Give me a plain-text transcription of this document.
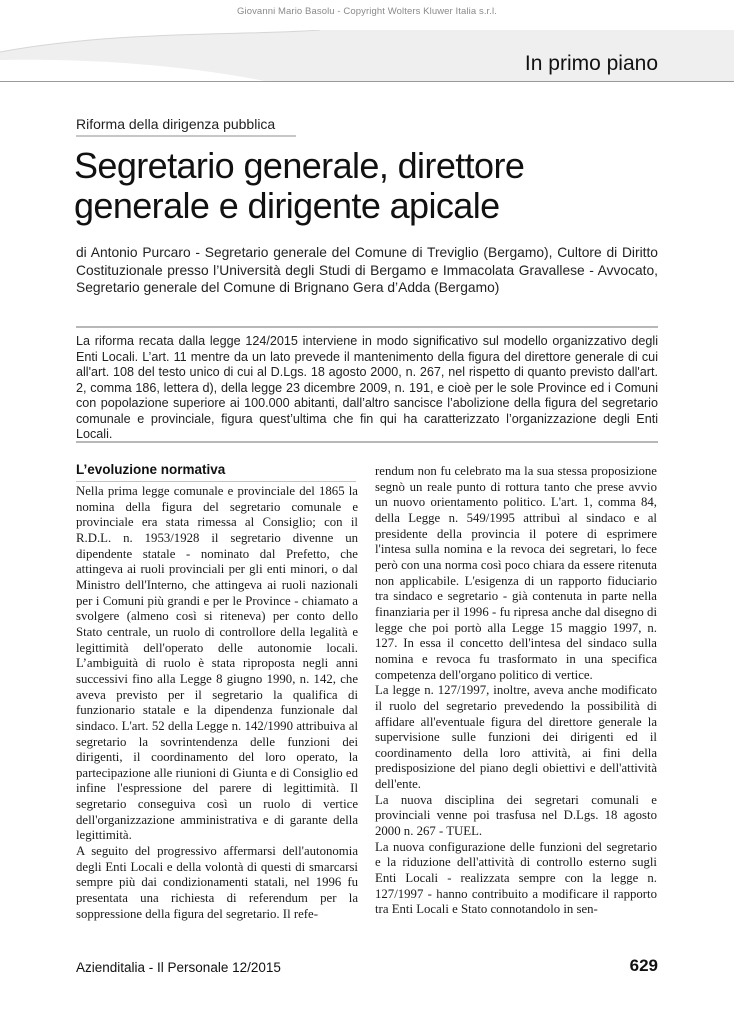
Giovanni Mario Basolu - Copyright Wolters Kluwer Italia s.r.l.
In primo piano
Riforma della dirigenza pubblica
Segretario generale, direttore
generale e dirigente apicale
di Antonio Purcaro - Segretario generale del Comune di Treviglio (Bergamo), Cultore di Diritto Costituzionale presso l’Università degli Studi di Bergamo e Immacolata Gravallese - Avvocato, Segretario generale del Comune di Brignano Gera d’Adda (Bergamo)
La riforma recata dalla legge 124/2015 interviene in modo significativo sul modello organizzativo degli Enti Locali. L’art. 11 mentre da un lato prevede il mantenimento della figura del direttore generale di cui all'art. 108 del testo unico di cui al D.Lgs. 18 agosto 2000, n. 267, nel rispetto di quanto previsto dall'art. 2, comma 186, lettera d), della legge 23 dicembre 2009, n. 191, e cioè per le sole Province ed i Comuni con popolazione superiore ai 100.000 abitanti, dall’altro sancisce l’abolizione della figura del segretario comunale e provinciale, figura quest’ultima che fin qui ha caratterizzato l’organizzazione degli Enti Locali.
L’evoluzione normativa

Nella prima legge comunale e provinciale del 1865 la nomina della figura del segretario comunale e provinciale era stata rimessa al Consiglio; con il R.D.L. n. 1953/1928 il segretario divenne un dipendente statale - nominato dal Prefetto, che attingeva ai ruoli provinciali per gli enti minori, o dal Ministro dell'Interno, che attingeva ai ruoli nazionali per i Comuni più grandi e per le Province - chiamato a svolgere (almeno così si riteneva) per conto dello Stato centrale, un ruolo di controllore della legalità e legittimità dell'operato delle autonomie locali. L’ambiguità di ruolo è stata riproposta negli anni successivi fino alla Legge 8 giugno 1990, n. 142, che aveva previsto per il segretario la qualifica di funzionario statale e la dipendenza funzionale dal sindaco. L'art. 52 della Legge n. 142/1990 attribuiva al segretario la sovrintendenza delle funzioni dei dirigenti, il coordinamento del loro operato, la partecipazione alle riunioni di Giunta e di Consiglio ed infine l'espressione del parere di legittimità. Il segretario conseguiva così un ruolo di vertice dell'organizzazione amministrativa e di garante della legittimità.

A seguito del progressivo affermarsi dell'autonomia degli Enti Locali e della volontà di questi di smarcarsi sempre più dai condizionamenti statali, nel 1996 fu presentata una richiesta di referendum per la soppressione della figura del segretario. Il refe-

rendum non fu celebrato ma la sua stessa proposizione segnò un reale punto di rottura tanto che prese avvio un nuovo orientamento politico. L'art. 1, comma 84, della Legge n. 549/1995 attribuì al sindaco e al presidente della provincia il potere di esprimere l'intesa sulla nomina e la revoca dei segretari, lo fece però con una norma così poco chiara da essere ritenuta non applicabile. L'esigenza di un rapporto fiduciario tra sindaco e segretario - già contenuta in parte nella finanziaria per il 1996 - fu ripresa anche dal disegno di legge che poi portò alla Legge 15 maggio 1997, n. 127. In essa il concetto dell'intesa del sindaco sulla nomina e revoca fu trasformato in una specifica competenza dell'organo politico di vertice.

La legge n. 127/1997, inoltre, aveva anche modificato il ruolo del segretario prevedendo la possibilità di affidare all'eventuale figura del direttore generale la supervisione sulle funzioni dei dirigenti ed il coordinamento della loro attività, ai fini della predisposizione del piano degli obiettivi e dell'attività dell'ente.

La nuova disciplina dei segretari comunali e provinciali venne poi trasfusa nel D.Lgs. 18 agosto 2000 n. 267 - TUEL.

La nuova configurazione delle funzioni del segretario e la riduzione dell'attività di controllo esterno sugli Enti Locali - realizzata sempre con la legge n. 127/1997 - hanno contribuito a modificare il rapporto tra Enti Locali e Stato connotandolo in sen-

Azienditalia - Il Personale 12/2015	629
